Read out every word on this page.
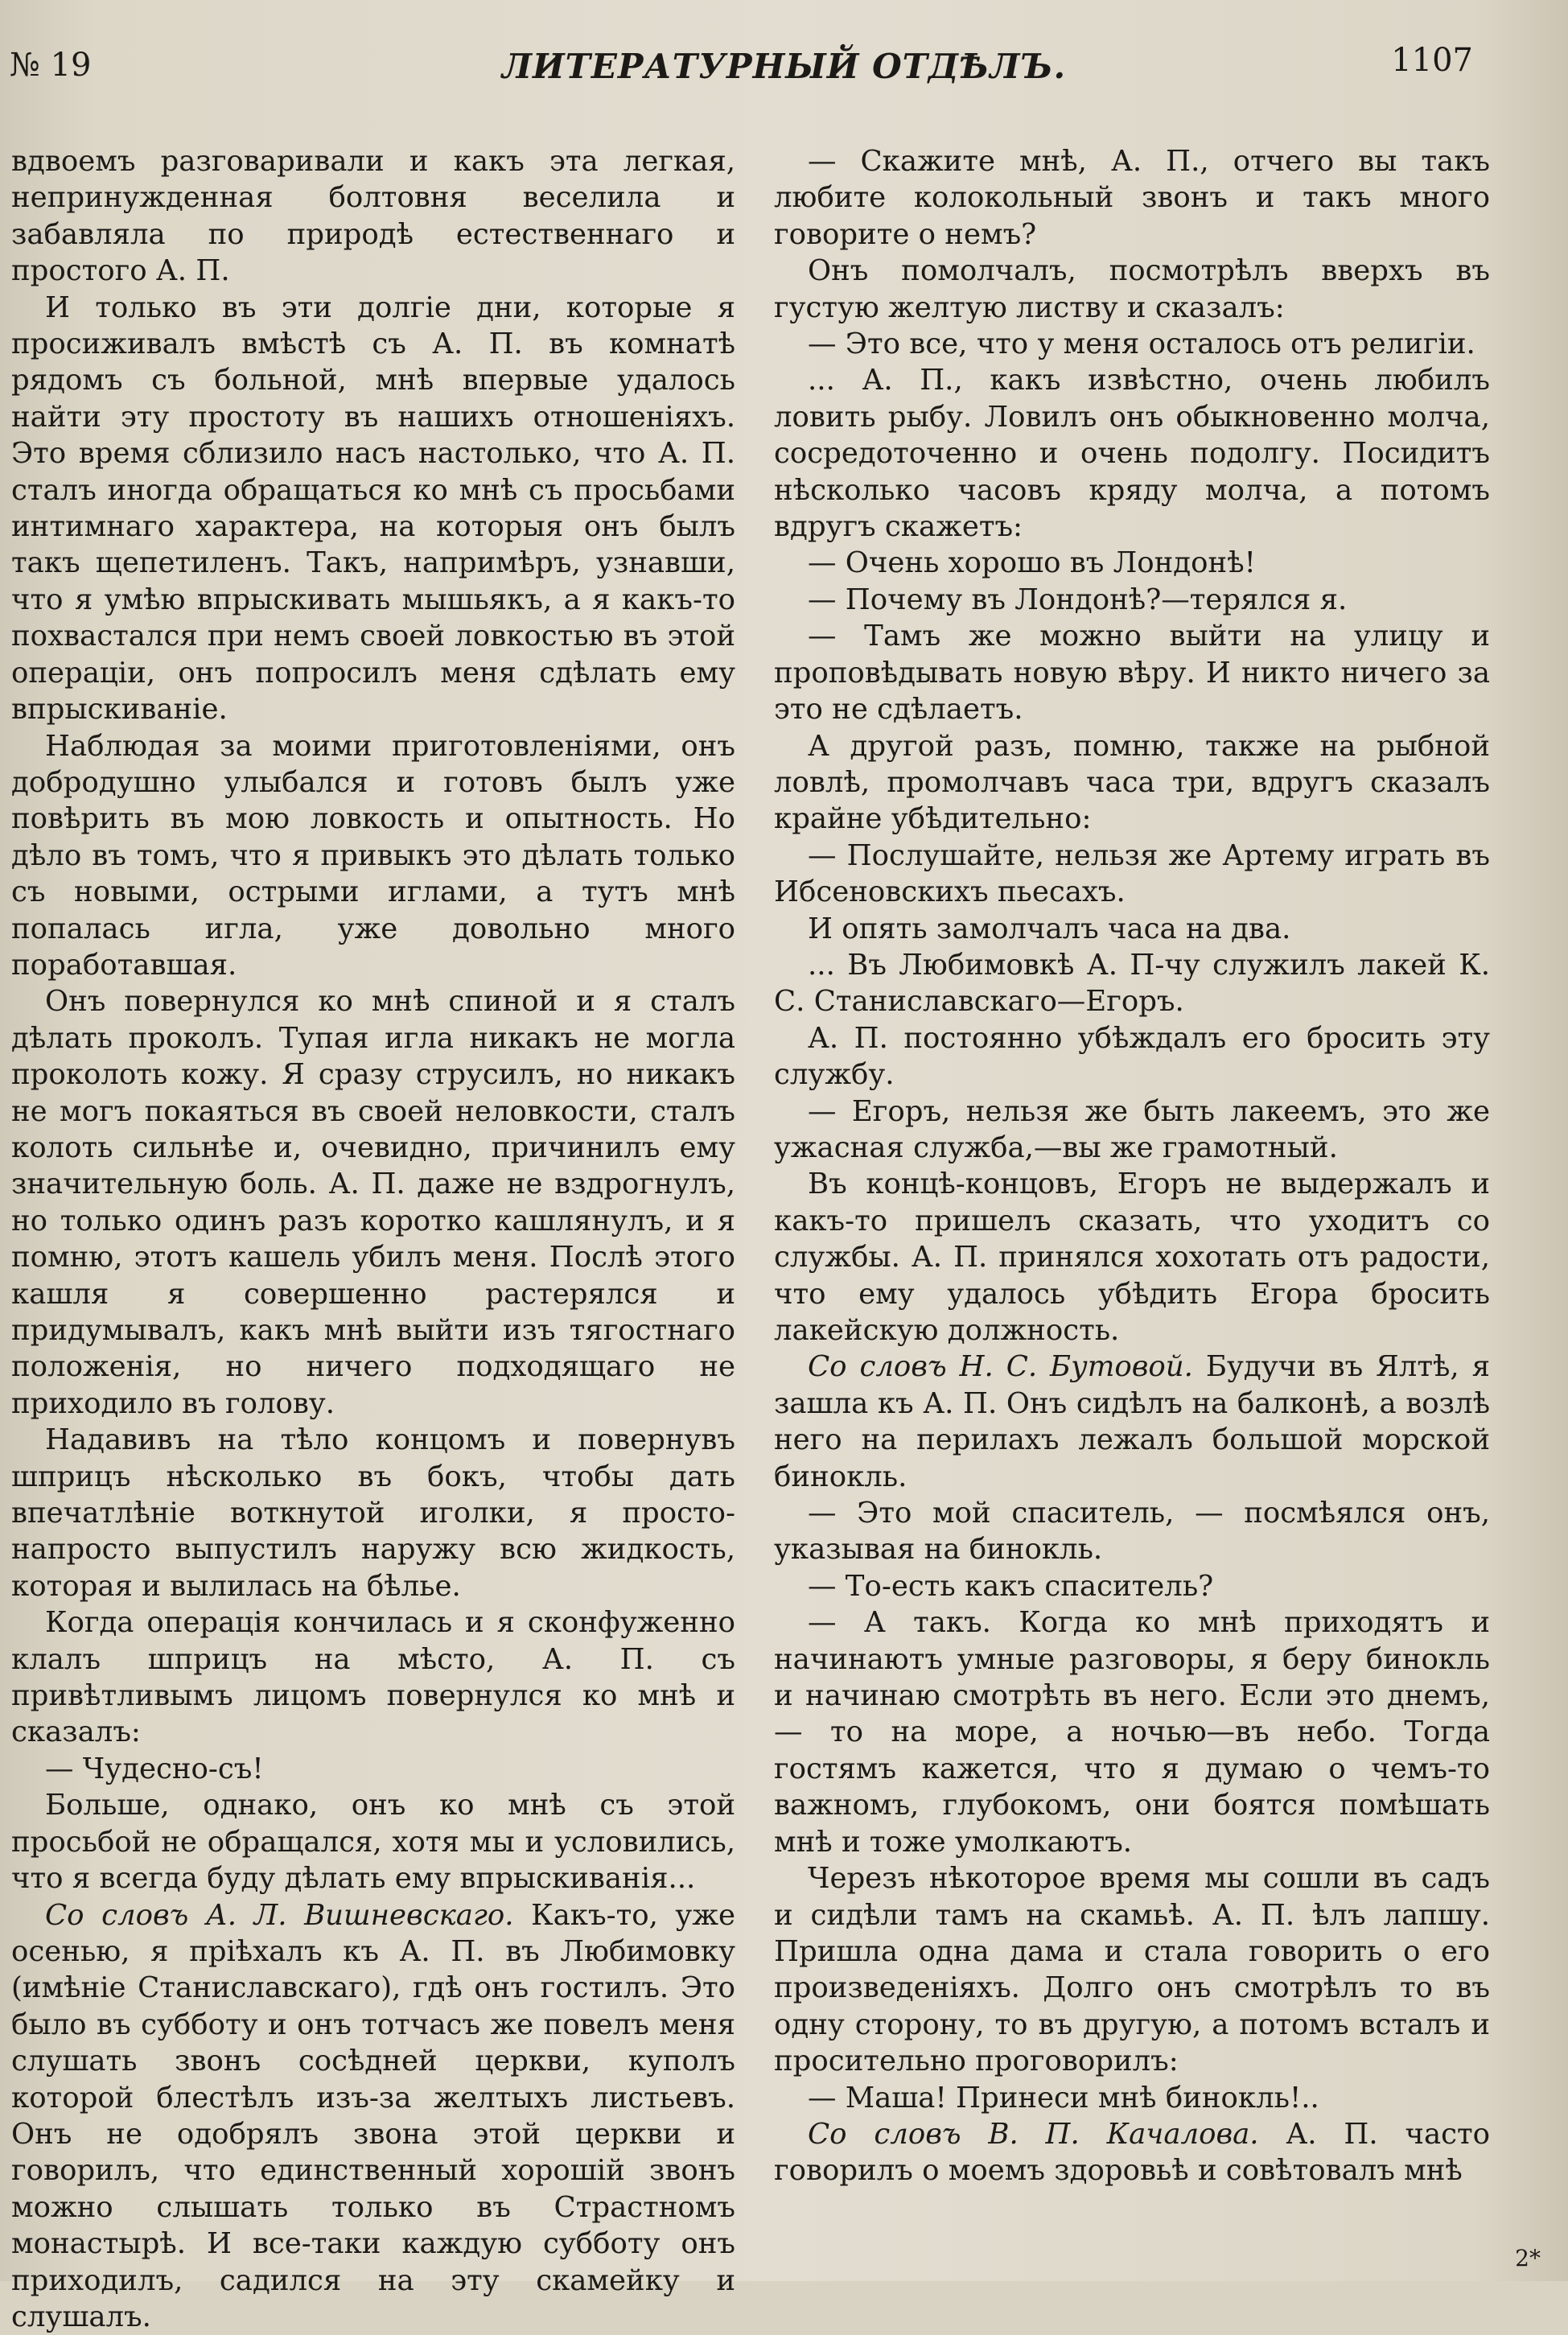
№ 19	ЛИТЕРАТУРНЫЙ ОТДѢЛЪ.	1107

вдвоемъ разговаривали и какъ эта легкая, непринужденная болтовня веселила и забавляла по природѣ естественнаго и простого А. П.

И только въ эти долгіе дни, которые я просиживалъ вмѣстѣ съ А. П. въ комнатѣ рядомъ съ больной, мнѣ впервые удалось найти эту простоту въ нашихъ отношеніяхъ. Это время сблизило насъ настолько, что А. П. сталъ иногда обращаться ко мнѣ съ просьбами интимнаго характера, на которыя онъ былъ такъ щепетиленъ. Такъ, напримѣръ, узнавши, что я умѣю впрыскивать мышьякъ, а я какъ-то похвастался при немъ своей ловкостью въ этой операціи, онъ попросилъ меня сдѣлать ему впрыскиваніе.

Наблюдая за моими приготовленіями, онъ добродушно улыбался и готовъ былъ уже повѣрить въ мою ловкость и опытность. Но дѣло въ томъ, что я привыкъ это дѣлать только съ новыми, острыми иглами, а тутъ мнѣ попалась игла, уже довольно много поработавшая.

Онъ повернулся ко мнѣ спиной и я сталъ дѣлать проколъ. Тупая игла никакъ не могла проколоть кожу. Я сразу струсилъ, но никакъ не могъ покаяться въ своей неловкости, сталъ колоть сильнѣе и, очевидно, причинилъ ему значительную боль. А. П. даже не вздрогнулъ, но только одинъ разъ коротко кашлянулъ, и я помню, этотъ кашель убилъ меня. Послѣ этого кашля я совершенно растерялся и придумывалъ, какъ мнѣ выйти изъ тягостнаго положенія, но ничего подходящаго не приходило въ голову.

Надавивъ на тѣло концомъ и повернувъ шприцъ нѣсколько въ бокъ, чтобы дать впечатлѣніе воткнутой иголки, я просто-напросто выпустилъ наружу всю жидкость, которая и вылилась на бѣлье.

Когда операція кончилась и я сконфуженно клалъ шприцъ на мѣсто, А. П. съ привѣтливымъ лицомъ повернулся ко мнѣ и сказалъ:

— Чудесно-съ!

Больше, однако, онъ ко мнѣ съ этой просьбой не обращался, хотя мы и условились, что я всегда буду дѣлать ему впрыскиванія...

Со словъ А. Л. Вишневскаго. Какъ-то, уже осенью, я пріѣхалъ къ А. П. въ Любимовку (имѣніе Станиславскаго), гдѣ онъ гостилъ. Это было въ субботу и онъ тотчасъ же повелъ меня слушать звонъ сосѣдней церкви, куполъ которой блестѣлъ изъ-за желтыхъ листьевъ. Онъ не одобрялъ звона этой церкви и говорилъ, что единственный хорошій звонъ можно слышать только въ Страстномъ монастырѣ. И все-таки каждую субботу онъ приходилъ, садился на эту скамейку и слушалъ.

— Скажите мнѣ, А. П., отчего вы такъ любите колокольный звонъ и такъ много говорите о немъ?

Онъ помолчалъ, посмотрѣлъ вверхъ въ густую желтую листву и сказалъ:

— Это все, что у меня осталось отъ религіи.

... А. П., какъ извѣстно, очень любилъ ловить рыбу. Ловилъ онъ обыкновенно молча, сосредоточенно и очень подолгу. Посидитъ нѣсколько часовъ кряду молча, а потомъ вдругъ скажетъ:

— Очень хорошо въ Лондонѣ!

— Почему въ Лондонѣ?—терялся я.

— Тамъ же можно выйти на улицу и проповѣдывать новую вѣру. И никто ничего за это не сдѣлаетъ.

А другой разъ, помню, также на рыбной ловлѣ, промолчавъ часа три, вдругъ сказалъ крайне убѣдительно:

— Послушайте, нельзя же Артему играть въ Ибсеновскихъ пьесахъ.

И опять замолчалъ часа на два.

... Въ Любимовкѣ А. П-чу служилъ лакей К. С. Станиславскаго—Егоръ.

А. П. постоянно убѣждалъ его бросить эту службу.

— Егоръ, нельзя же быть лакеемъ, это же ужасная служба,—вы же грамотный.

Въ концѣ-концовъ, Егоръ не выдержалъ и какъ-то пришелъ сказать, что уходитъ со службы. А. П. принялся хохотать отъ радости, что ему удалось убѣдить Егора бросить лакейскую должность.

Со словъ Н. С. Бутовой. Будучи въ Ялтѣ, я зашла къ А. П. Онъ сидѣлъ на балконѣ, а возлѣ него на перилахъ лежалъ большой морской бинокль.

— Это мой спаситель, — посмѣялся онъ, указывая на бинокль.

— То-есть какъ спаситель?

— А такъ. Когда ко мнѣ приходятъ и начинаютъ умные разговоры, я беру бинокль и начинаю смотрѣть въ него. Если это днемъ,— то на море, а ночью—въ небо. Тогда гостямъ кажется, что я думаю о чемъ-то важномъ, глубокомъ, они боятся помѣшать мнѣ и тоже умолкаютъ.

Черезъ нѣкоторое время мы сошли въ садъ и сидѣли тамъ на скамьѣ. А. П. ѣлъ лапшу. Пришла одна дама и стала говорить о его произведеніяхъ. Долго онъ смотрѣлъ то въ одну сторону, то въ другую, а потомъ всталъ и просительно проговорилъ:

— Маша! Принеси мнѣ бинокль!..

Со словъ В. П. Качалова. А. П. часто говорилъ о моемъ здоровьѣ и совѣтовалъ мнѣ

2*
